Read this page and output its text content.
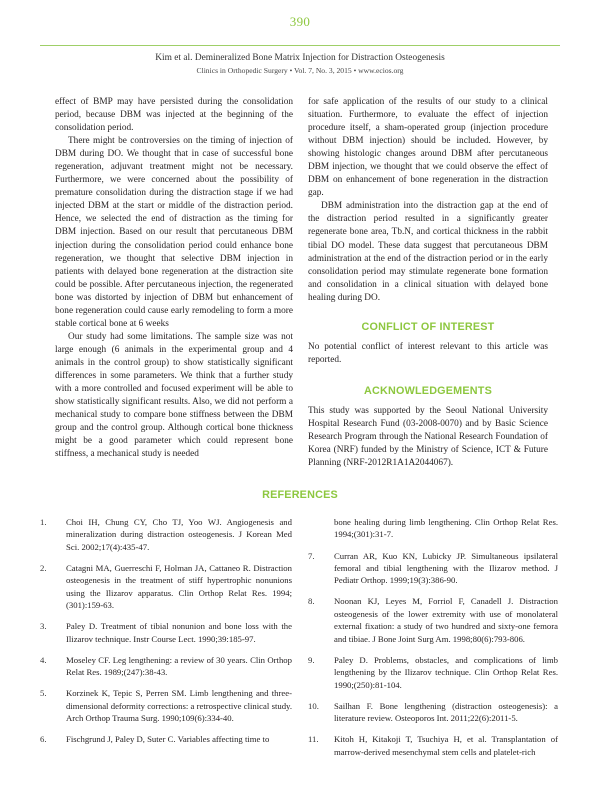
390
Kim et al. Demineralized Bone Matrix Injection for Distraction Osteogenesis
Clinics in Orthopedic Surgery • Vol. 7, No. 3, 2015 • www.ecios.org

effect of BMP may have persisted during the consolidation period, because DBM was injected at the beginning of the consolidation period.

There might be controversies on the timing of injection of DBM during DO. We thought that in case of successful bone regeneration, adjuvant treatment might not be necessary. Furthermore, we were concerned about the possibility of premature consolidation during the distraction stage if we had injected DBM at the start or middle of the distraction period. Hence, we selected the end of distraction as the timing for DBM injection. Based on our result that percutaneous DBM injection during the consolidation period could enhance bone regeneration, we thought that selective DBM injection in patients with delayed bone regeneration at the distraction site could be possible. After percutaneous injection, the regenerated bone was distorted by injection of DBM but enhancement of bone regeneration could cause early remodeling to form a more stable cortical bone at 6 weeks

Our study had some limitations. The sample size was not large enough (6 animals in the experimental group and 4 animals in the control group) to show statistically significant differences in some parameters. We think that a further study with a more controlled and focused experiment will be able to show statistically significant results. Also, we did not perform a mechanical study to compare bone stiffness between the DBM group and the control group. Although cortical bone thickness might be a good parameter which could represent bone stiffness, a mechanical study is needed

for safe application of the results of our study to a clinical situation. Furthermore, to evaluate the effect of injection procedure itself, a sham-operated group (injection procedure without DBM injection) should be included. However, by showing histologic changes around DBM after percutaneous DBM injection, we thought that we could observe the effect of DBM on enhancement of bone regeneration in the distraction gap.

DBM administration into the distraction gap at the end of the distraction period resulted in a significantly greater regenerate bone area, Tb.N, and cortical thickness in the rabbit tibial DO model. These data suggest that percutaneous DBM administration at the end of the distraction period or in the early consolidation period may stimulate regenerate bone formation and consolidation in a clinical situation with delayed bone healing during DO.

CONFLICT OF INTEREST

No potential conflict of interest relevant to this article was reported.

ACKNOWLEDGEMENTS

This study was supported by the Seoul National University Hospital Research Fund (03-2008-0070) and by Basic Science Research Program through the National Research Foundation of Korea (NRF) funded by the Ministry of Science, ICT & Future Planning (NRF-2012R1A1A2044067).

REFERENCES
1.	Choi IH, Chung CY, Cho TJ, Yoo WJ. Angiogenesis and mineralization during distraction osteogenesis. J Korean Med Sci. 2002;17(4):435-47.
2.	Catagni MA, Guerreschi F, Holman JA, Cattaneo R. Distraction osteogenesis in the treatment of stiff hypertrophic nonunions using the Ilizarov apparatus. Clin Orthop Relat Res. 1994;(301):159-63.
3.	Paley D. Treatment of tibial nonunion and bone loss with the Ilizarov technique. Instr Course Lect. 1990;39:185-97.
4.	Moseley CF. Leg lengthening: a review of 30 years. Clin Orthop Relat Res. 1989;(247):38-43.
5.	Korzinek K, Tepic S, Perren SM. Limb lengthening and three-dimensional deformity corrections: a retrospective clinical study. Arch Orthop Trauma Surg. 1990;109(6):334-40.
6.	Fischgrund J, Paley D, Suter C. Variables affecting time to
bone healing during limb lengthening. Clin Orthop Relat Res. 1994;(301):31-7.
7.	Curran AR, Kuo KN, Lubicky JP. Simultaneous ipsilateral femoral and tibial lengthening with the Ilizarov method. J Pediatr Orthop. 1999;19(3):386-90.
8.	Noonan KJ, Leyes M, Forriol F, Canadell J. Distraction osteogenesis of the lower extremity with use of monolateral external fixation: a study of two hundred and sixty-one femora and tibiae. J Bone Joint Surg Am. 1998;80(6):793-806.
9.	Paley D. Problems, obstacles, and complications of limb lengthening by the Ilizarov technique. Clin Orthop Relat Res. 1990;(250):81-104.
10.	Sailhan F. Bone lengthening (distraction osteogenesis): a literature review. Osteoporos Int. 2011;22(6):2011-5.
11.	Kitoh H, Kitakoji T, Tsuchiya H, et al. Transplantation of marrow-derived mesenchymal stem cells and platelet-rich
